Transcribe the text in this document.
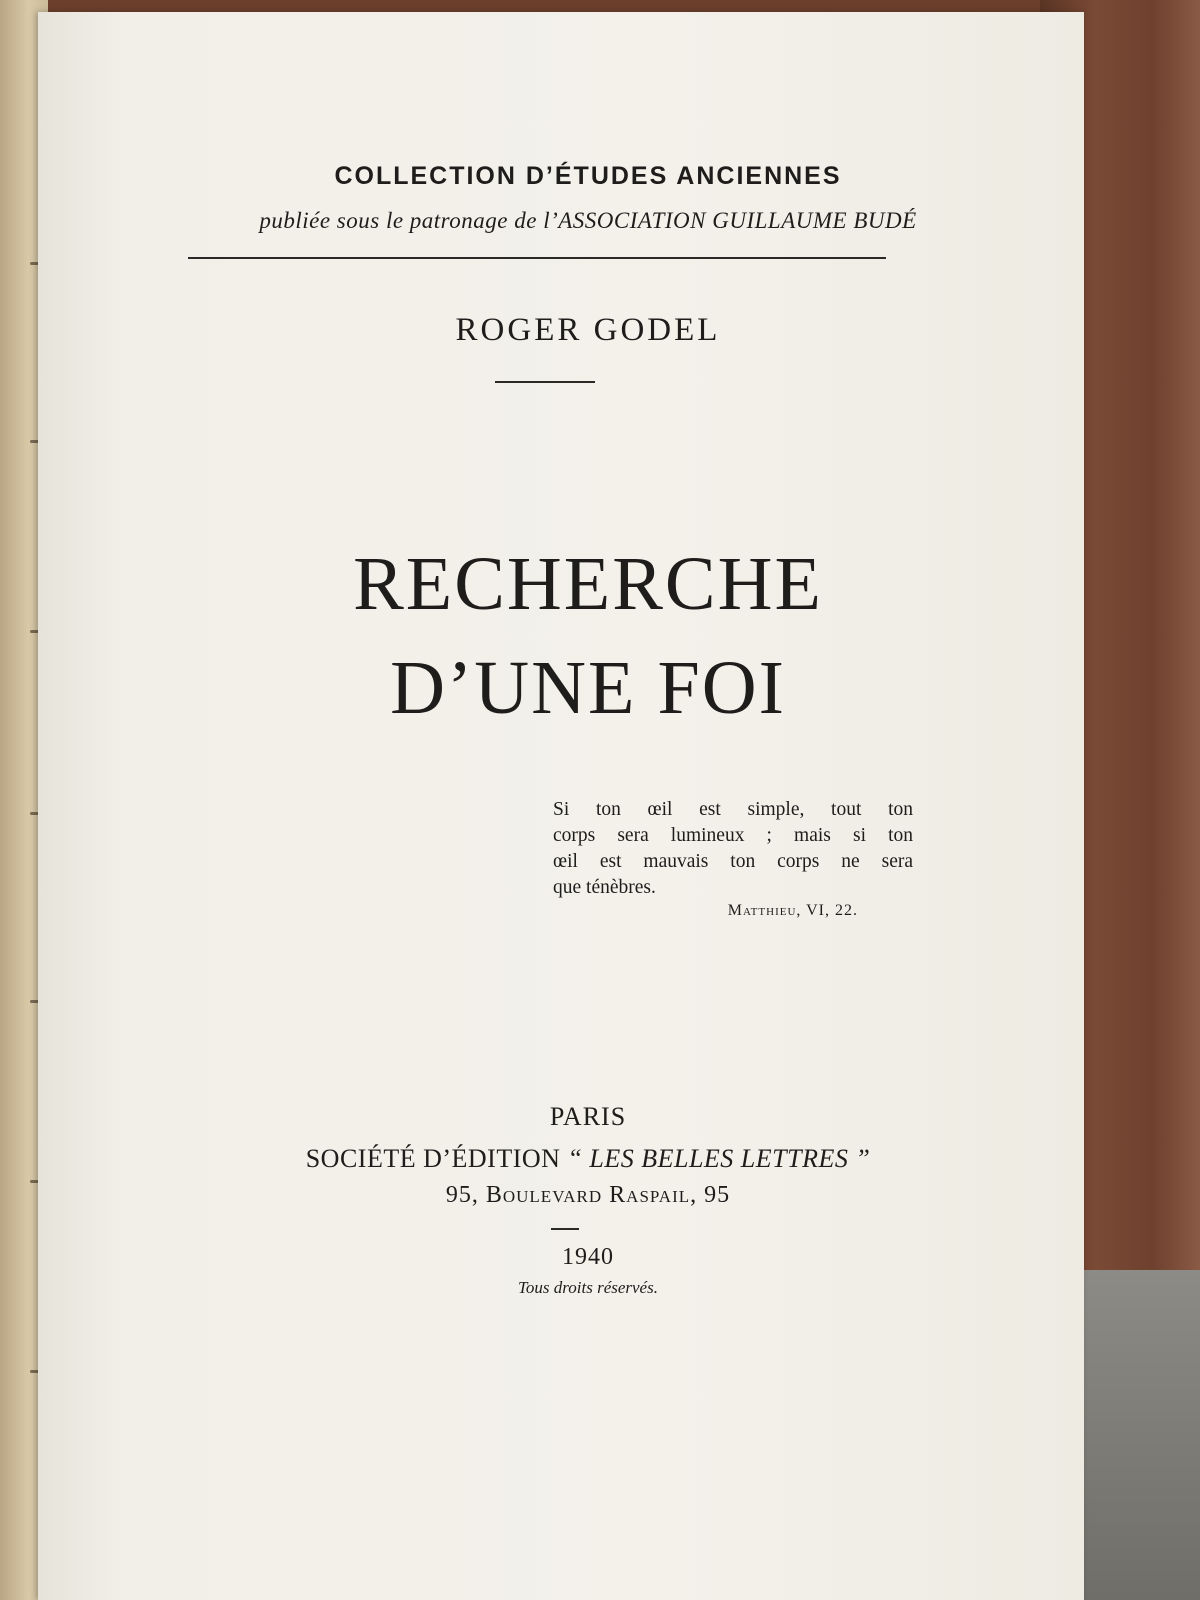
COLLECTION D’ÉTUDES ANCIENNES
publiée sous le patronage de l’ASSOCIATION GUILLAUME BUDÉ
ROGER GODEL
RECHERCHE
D’UNE FOI
Si ton œil est simple, tout ton
corps sera lumineux ; mais si ton
œil est mauvais ton corps ne sera
que ténèbres.
Matthieu, VI, 22.
PARIS
SOCIÉTÉ D’ÉDITION “ LES BELLES LETTRES ”
95, Boulevard Raspail, 95
1940
Tous droits réservés.
